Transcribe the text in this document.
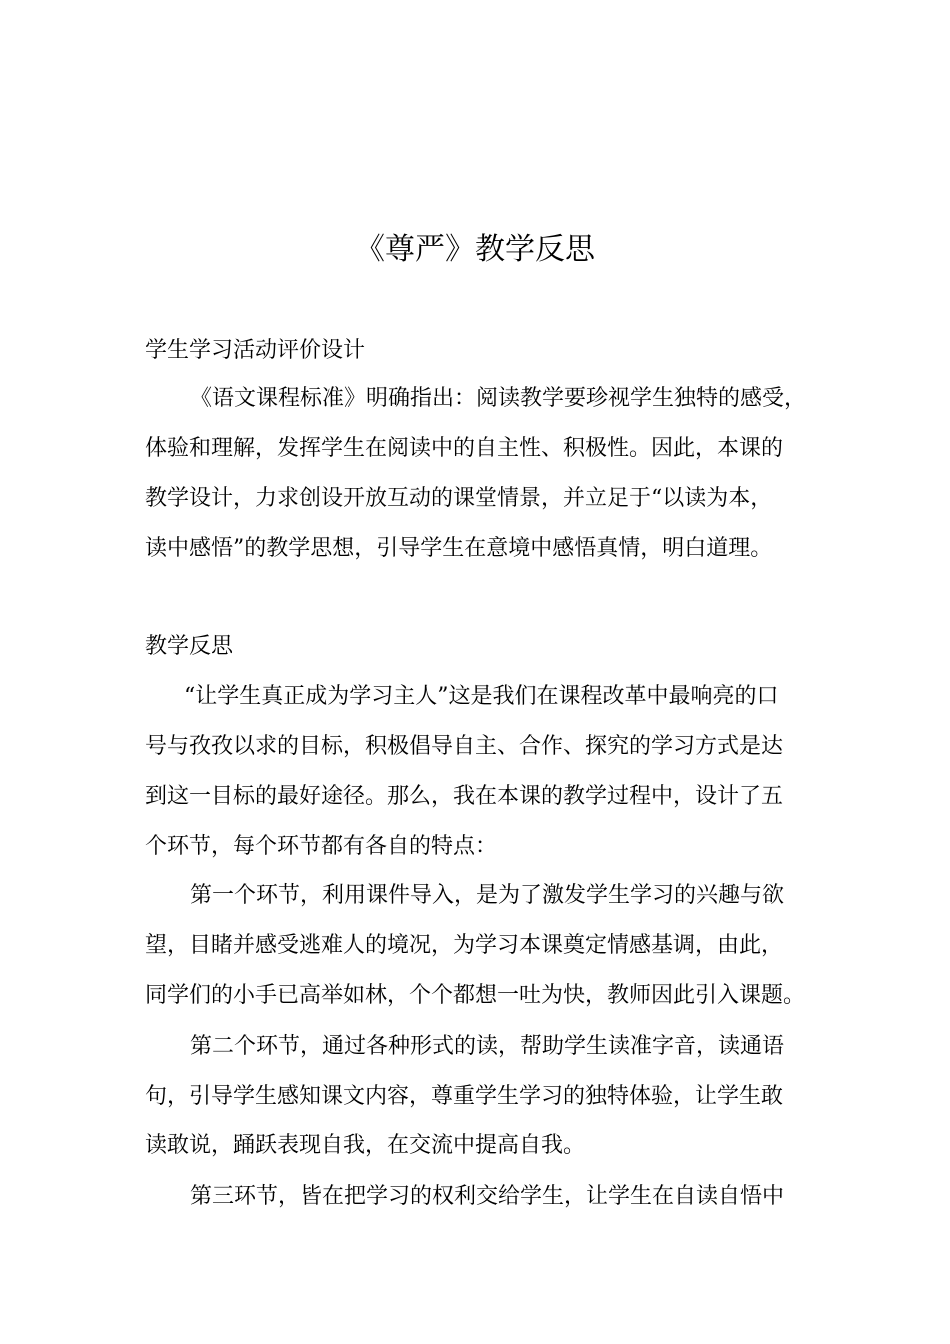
《尊严》教学反思
学生学习活动评价设计
《语文课程标准》明确指出：阅读教学要珍视学生独特的感受，
体验和理解，发挥学生在阅读中的自主性、积极性。因此，本课的
教学设计，力求创设开放互动的课堂情景，并立足于“以读为本，
读中感悟”的教学思想，引导学生在意境中感悟真情，明白道理。
教学反思
“让学生真正成为学习主人”这是我们在课程改革中最响亮的口
号与孜孜以求的目标，积极倡导自主、合作、探究的学习方式是达
到这一目标的最好途径。那么，我在本课的教学过程中，设计了五
个环节，每个环节都有各自的特点：
第一个环节，利用课件导入，是为了激发学生学习的兴趣与欲
望，目睹并感受逃难人的境况，为学习本课奠定情感基调，由此，
同学们的小手已高举如林，个个都想一吐为快，教师因此引入课题。
第二个环节，通过各种形式的读，帮助学生读准字音，读通语
句，引导学生感知课文内容，尊重学生学习的独特体验，让学生敢
读敢说，踊跃表现自我，在交流中提高自我。
第三环节，皆在把学习的权利交给学生，让学生在自读自悟中
